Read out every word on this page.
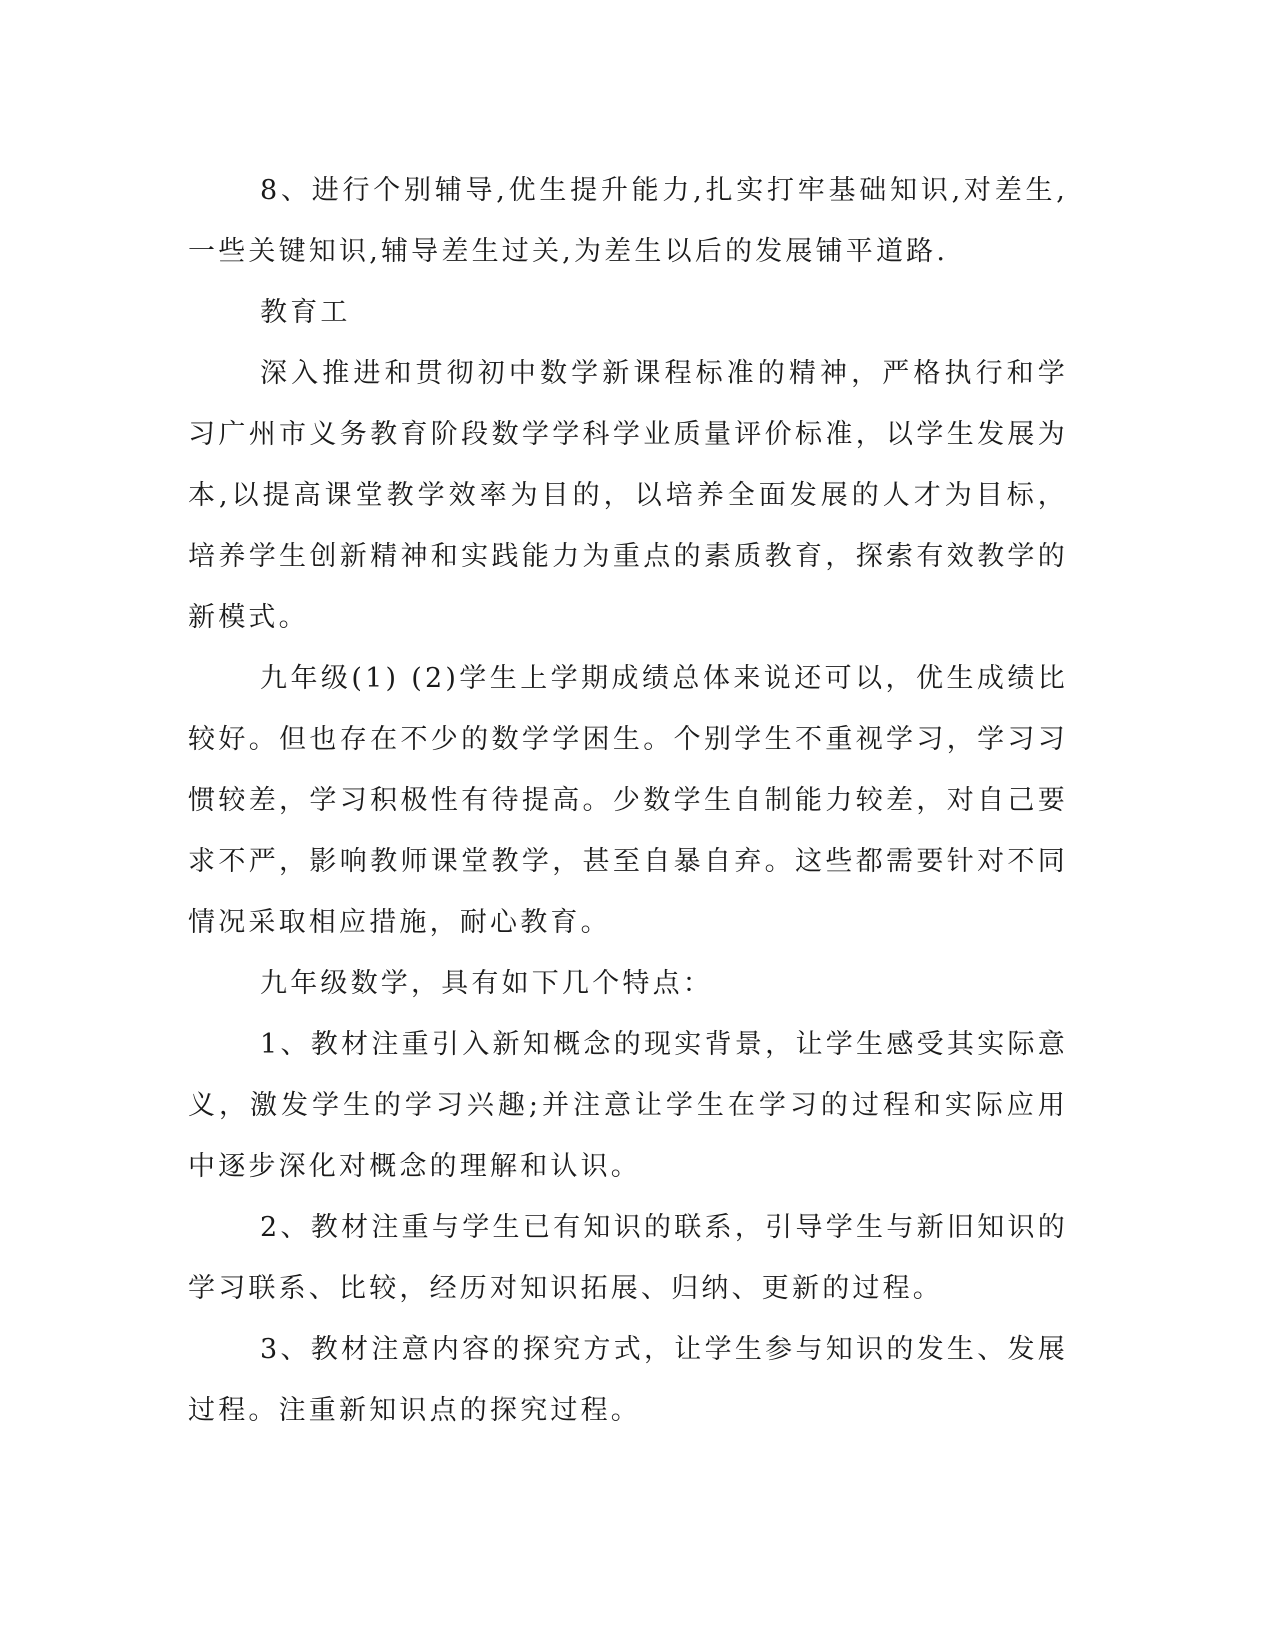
8、进行个别辅导,优生提升能力,扎实打牢基础知识,对差生,一些关键知识,辅导差生过关,为差生以后的发展铺平道路.

教育工

深入推进和贯彻初中数学新课程标准的精神，严格执行和学习广州市义务教育阶段数学学科学业质量评价标准，以学生发展为本,以提高课堂教学效率为目的，以培养全面发展的人才为目标，培养学生创新精神和实践能力为重点的素质教育，探索有效教学的新模式。

九年级(1) (2)学生上学期成绩总体来说还可以，优生成绩比较好。但也存在不少的数学学困生。个别学生不重视学习，学习习惯较差，学习积极性有待提高。少数学生自制能力较差，对自己要求不严，影响教师课堂教学，甚至自暴自弃。这些都需要针对不同情况采取相应措施，耐心教育。

九年级数学，具有如下几个特点：

1、教材注重引入新知概念的现实背景，让学生感受其实际意义，激发学生的学习兴趣;并注意让学生在学习的过程和实际应用中逐步深化对概念的理解和认识。

2、教材注重与学生已有知识的联系，引导学生与新旧知识的学习联系、比较，经历对知识拓展、归纳、更新的过程。

3、教材注意内容的探究方式，让学生参与知识的发生、发展过程。注重新知识点的探究过程。
